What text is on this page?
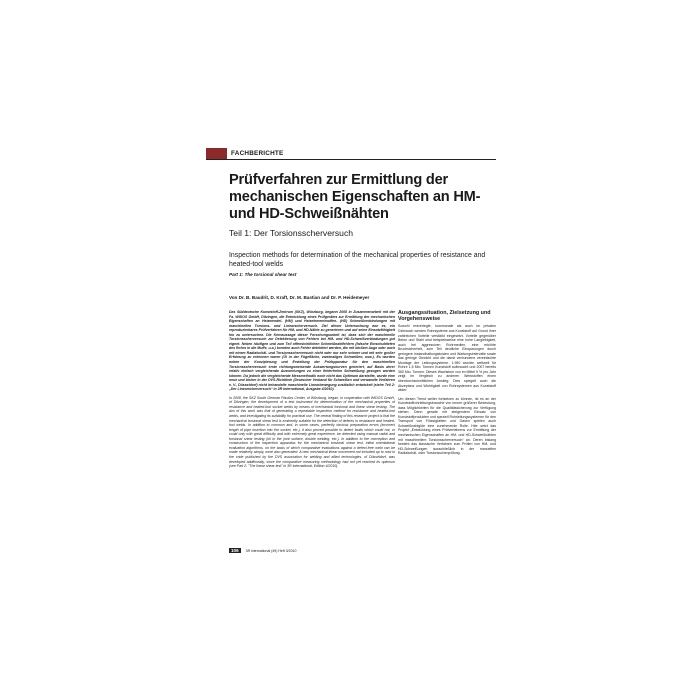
FACHBERICHTE
Prüfverfahren zur Ermittlung der mechanischen Eigenschaften an HM- und HD-Schweißnähten

Teil 1: Der Torsionsscherversuch

Inspection methods for determination of the mechanical properties of resistance and heated-tool welds

Part 1: The torsional shear test

Von Dr. B. Baudrit, D. Kraft, Dr. M. Bastian and Dr. P. Heidemeyer

Das Süddeutsche Kunststoff-Zentrum (SKZ), Würzburg, begann 2008 in Zusammenarbeit mit der Fa. WIDOS GmbH, Ditzingen, die Entwicklung eines Prüfgerätes zur Ermittlung der mechanischen Eigenschaften an Heizwendel- (HM) und Heizelementmuffen- (HD) Schweißverbindungen mit maschinellen Torsions- und Linearscherversuch. Ziel dieser Untersuchung war es, ein reproduzierbares Prüfverfahren für HM- und HD-Nähte zu generieren und auf seine Einsatzfähigkeit hin zu untersuchen. Die Kernaussage dieser Forschungsarbeit ist, dass sich der maschinelle Torsionsscherversuch zur Detektierung von Fehlern bei HM- und HD-Schweißverbindungen gut eignet. Neben häufigen und zum Teil offensichtlichen Schweißnahtfehlern (falsche Einschubtiefen des Rohrs in die Muffe, u.a.) konnten auch Fehler detektiert werden, die mit bloßem Auge oder auch mit einem Radialschäl- und Torsionsscherversuch nicht oder nur sehr schwer und mit sehr großer Erfahrung zu erkennen waren (Öl in der Fügefläche, zweimaliges Schweißen, usw.). Es wurden neben der Konzipierung und Erstellung der Prüfapparatur für den maschinellen Torsionsscherversuch erste richtungsweisende Auswertungskurven generiert, auf Basis derer relativ einfach vergleichende Auswertungen zu einer fehlerfreien Schweißung gezogen werden können. Da jedoch die vergleichende Messmethodik noch nicht das Optimum darstellte, wurde eine neue und bisher in der DVS-Richtlinie (Deutscher Verband für Schweißen und verwandte Verfahren e. V., Düsseldorf) nicht behandelte maschinelle Linearbewegung zusätzlich entwickelt (siehe Teil 2: „Der Linearscherversuch“ in 3R international, Ausgabe 4/2010).

In 2008, the SKZ South German Plastics Center, of Würzburg, began, in cooperation with WIDOS GmbH, of Ditzingen, the development of a test instrument for determination of the mechanical properties of resistance and heated-tool socket welds by means of mechanical torsional and linear shear testing. The aim of this work was that of generating a repeatable inspection method for resistance and heated-tool welds, and investigating its suitability for practical use. The central finding of this research project is that the mechanical torsional shear test is eminently suitable for the detection of defects in resistance and heated-tool welds. In addition to common and, in some cases, perfectly obvious preparation errors (incorrect length of pipe insertion into the socket, etc.), it also proved possible to detect faults which could not, or could only with great difficulty and with extremely great experience, be detected using manual radial and torsional shear testing (oil in the joint surface, double welding, etc.). In addition to the conception and construction of the inspection apparatus for the mechanical torsional shear test, initial orientational evaluation algorithms, on the basis of which comparative evaluations against a defect-free weld can be made relatively simply, were also generated. A new mechanical linear movement not included up to now in the code published by the DVS association for welding and allied technologies, of Düsseldorf, was developed additionally, since the comparative measuring methodology had not yet reached its optimum (see Part 2: "The linear shear test" in 3R International, Edition 4/2010).

Ausgangssituation, Zielsetzung und Vorgehensweise

Sowohl erdverlegte, kommunale als auch im privaten Gebrauch werden Rohrsysteme aus Kunststoff auf Grund ihrer zahlreichen Vorteile verstärkt eingesetzt. Vorteile gegenüber Beton und Stahl sind beispielsweise eine hohe Langlebigkeit, auch bei aggressiven Rohrmedien, eine erhöhte Bruchsicherheit, zum Teil deutliche Einsparungen durch geringere Instandhaltungskosten und Wartungsintervalle sowie das geringe Gewicht und die damit verbundene vereinfachte Montage der Leitungssysteme. 1.950 wurden weltweit für Rohre 1,5 Mio. Tonnen Kunststoff aufbraucht und 2007 bereits 360 Mio. Tonnen. Dieses Wachstum von im Mittel 9 % pro Jahr zeigt im Vergleich zu anderen Werkstoffen einen überdurchschnittlichen Anstieg. Dies spiegelt auch die Akzeptanz und Wichtigkeit von Rohrsystemen aus Kunststoff wider.

Um diesen Trend weiter fortsetzen zu können, ist es an der Kunststoffrohrleitungsbranche von immer größerer Bedeutung, dass Möglichkeiten für die Qualitätssicherung zur Verfügung stehen. Denn gerade mit steigendem Einsatz von Kunststoffprodukten und speziell Rohrleitungssystemen für den Transport von Flüssigkeiten und Gasen spielen auch Schweißnahtgüte eine zunehmende Rolle. Hier setzt das Projekt „Entwicklung eines Prüfverfahrens zur Ermittlung der mechanischen Eigenschaften an HM- und HD-Schweißnähten mit maschinellem Torsionsscherversuch“ an. Deren bislang besteht das klassische Verfahren zum Prüfen von HM- und HD-Schweißungen ausschließlich in der manuellen Radialschäl- oder Torsionsscherprüfung.

106 3R international (49) Heft 3/2010
